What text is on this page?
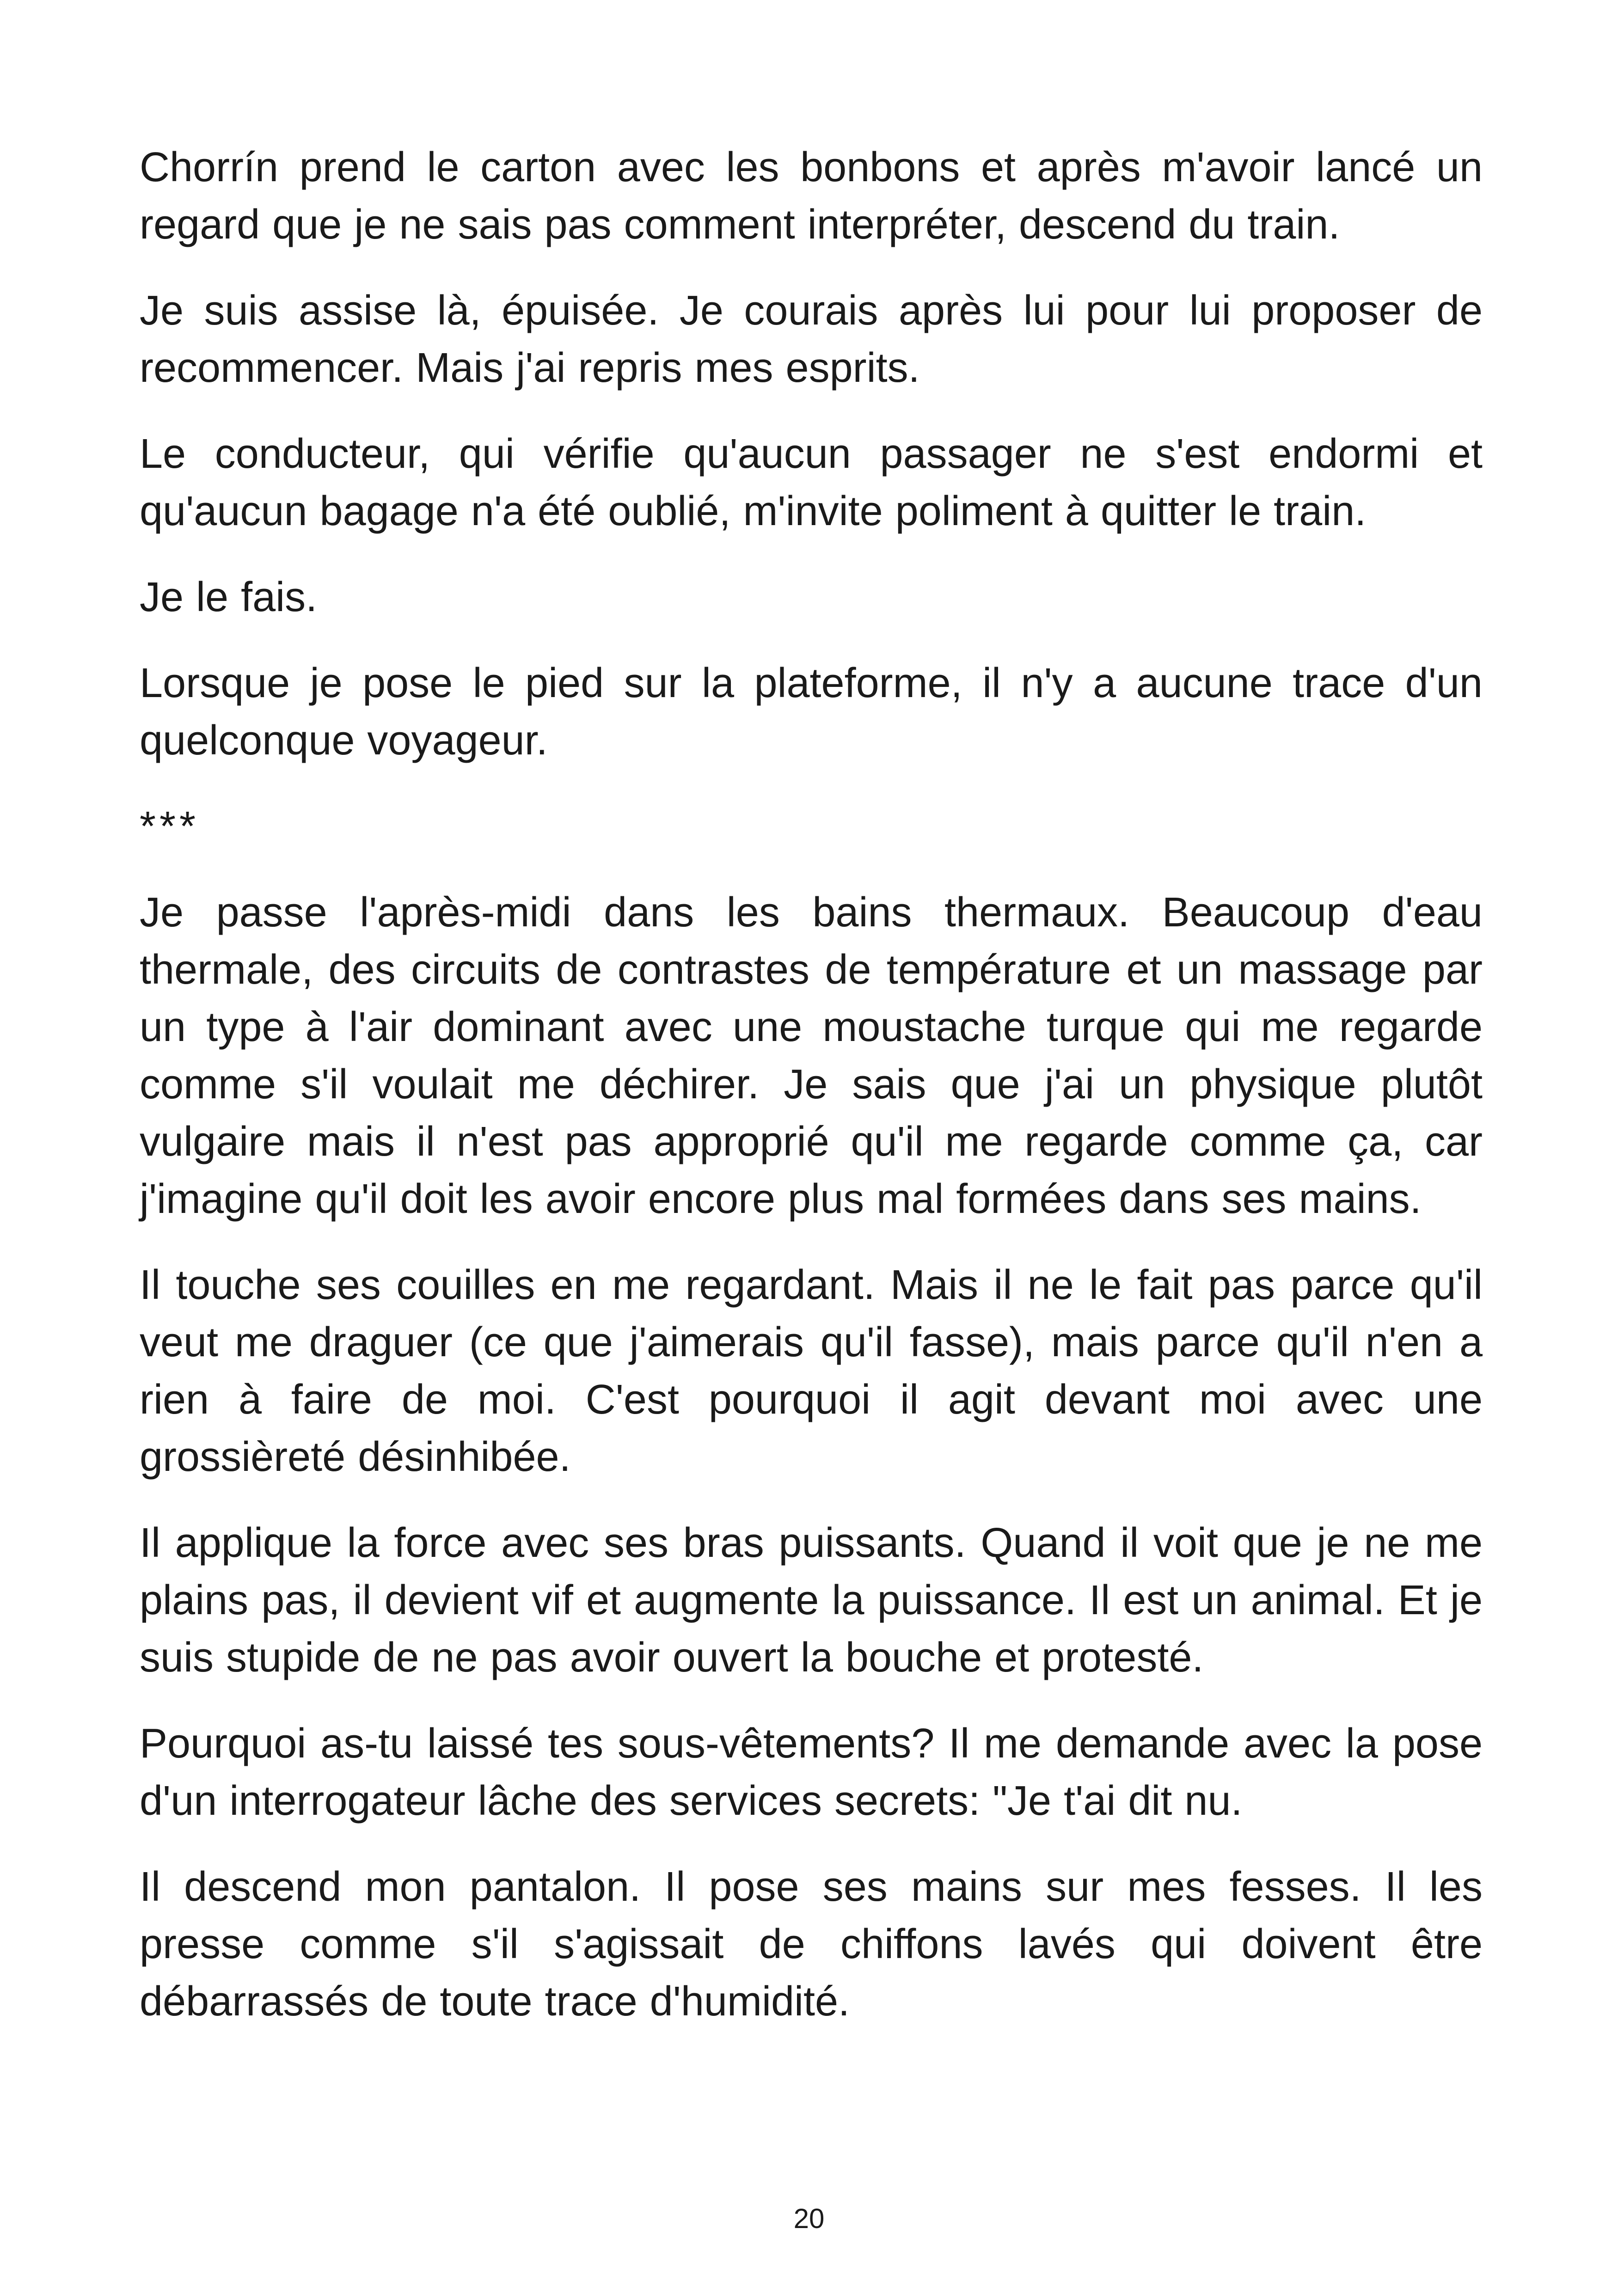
Chorrín prend le carton avec les bonbons et après m'avoir lancé un regard que je ne sais pas comment interpréter, descend du train.

Je suis assise là, épuisée. Je courais après lui pour lui proposer de recommencer. Mais j'ai repris mes esprits.

Le conducteur, qui vérifie qu'aucun passager ne s'est endormi et qu'aucun bagage n'a été oublié, m'invite poliment à quitter le train.

Je le fais.

Lorsque je pose le pied sur la plateforme, il n'y a aucune trace d'un quelconque voyageur.

***

Je passe l'après-midi dans les bains thermaux. Beaucoup d'eau thermale, des circuits de contrastes de température et un massage par un type à l'air dominant avec une moustache turque qui me regarde comme s'il voulait me déchirer. Je sais que j'ai un physique plutôt vulgaire mais il n'est pas approprié qu'il me regarde comme ça, car j'imagine qu'il doit les avoir encore plus mal formées dans ses mains.

Il touche ses couilles en me regardant. Mais il ne le fait pas parce qu'il veut me draguer (ce que j'aimerais qu'il fasse), mais parce qu'il n'en a rien à faire de moi. C'est pourquoi il agit devant moi avec une grossièreté désinhibée.

Il applique la force avec ses bras puissants. Quand il voit que je ne me plains pas, il devient vif et augmente la puissance. Il est un animal. Et je suis stupide de ne pas avoir ouvert la bouche et protesté.

Pourquoi as-tu laissé tes sous-vêtements? Il me demande avec la pose d'un interrogateur lâche des services secrets: "Je t'ai dit nu.

Il descend mon pantalon. Il pose ses mains sur mes fesses. Il les presse comme s'il s'agissait de chiffons lavés qui doivent être débarrassés de toute trace d'humidité.

20
